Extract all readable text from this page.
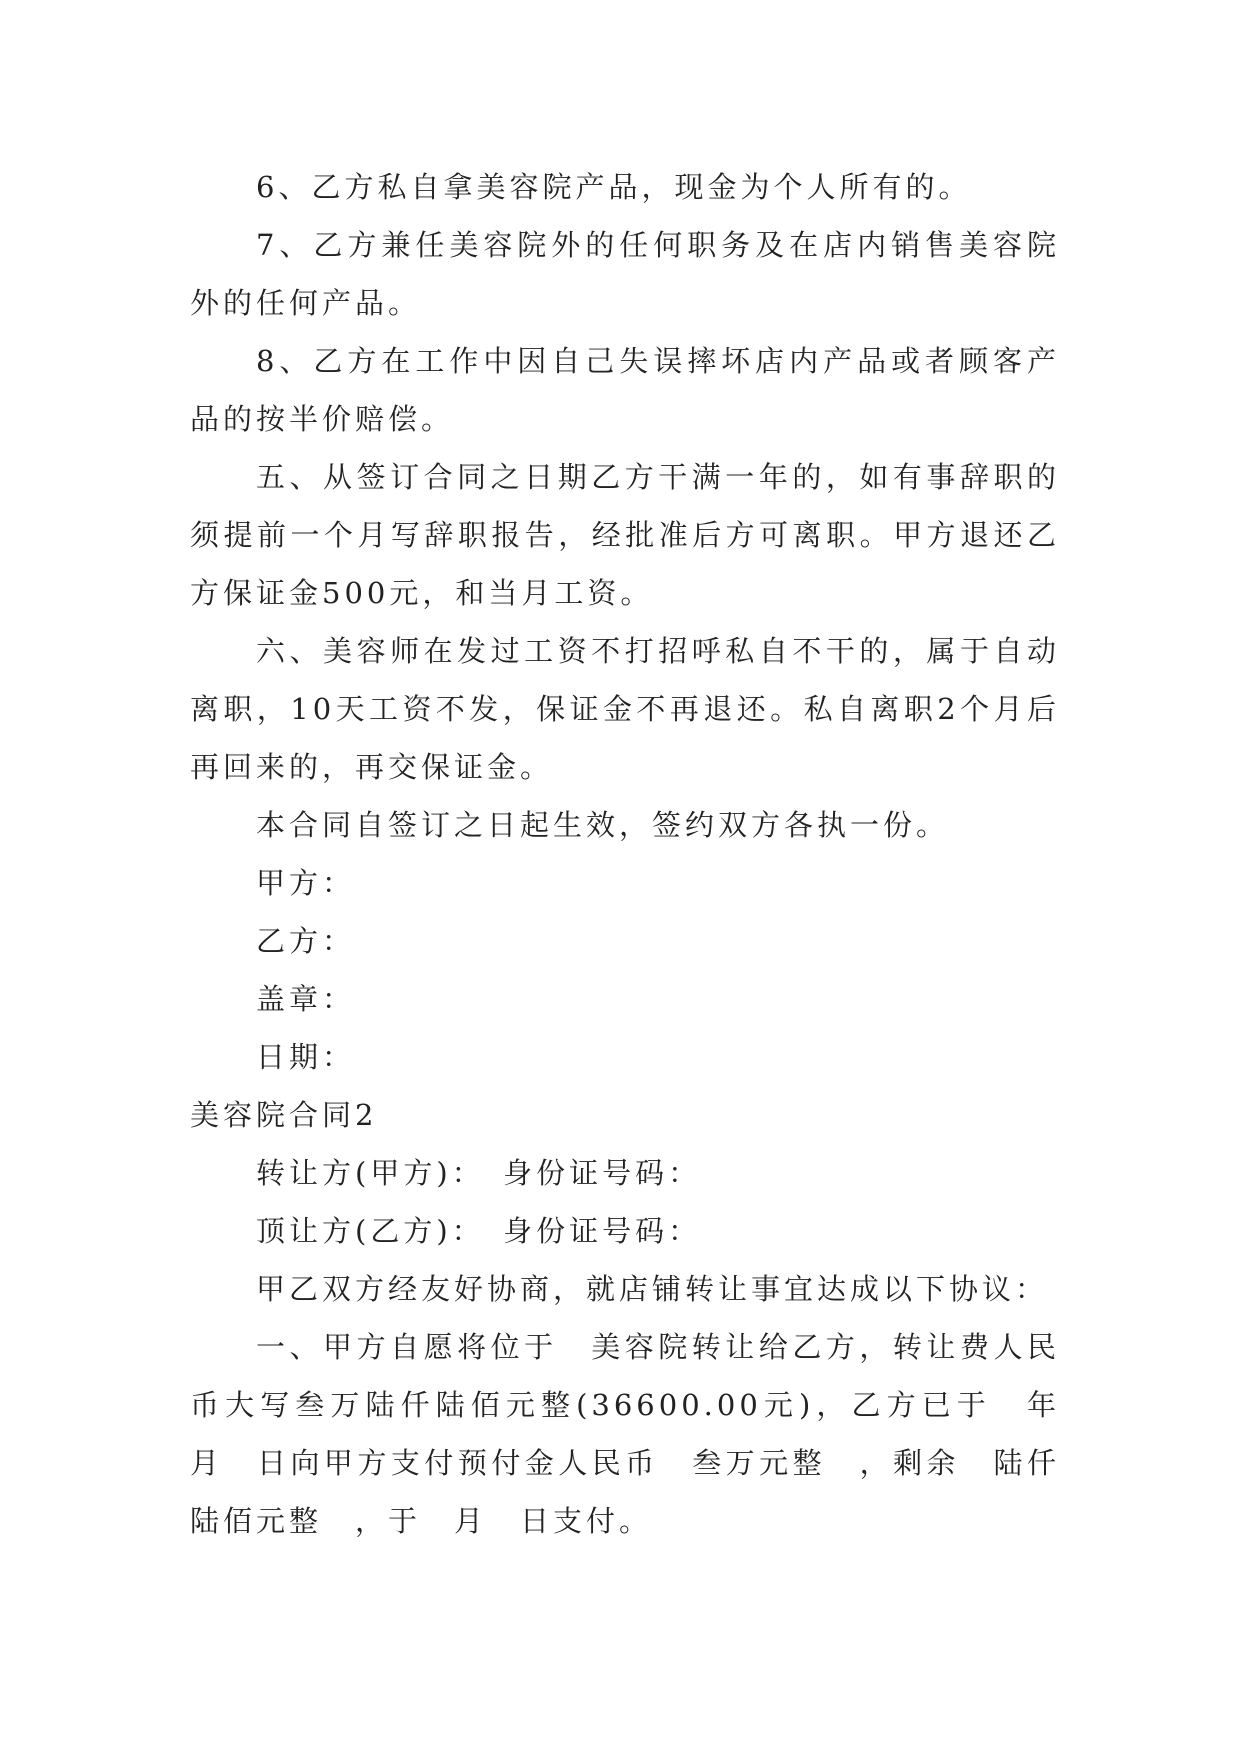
6、乙方私自拿美容院产品，现金为个人所有的。

7、乙方兼任美容院外的任何职务及在店内销售美容院外的任何产品。

8、乙方在工作中因自己失误摔坏店内产品或者顾客产品的按半价赔偿。

五、从签订合同之日期乙方干满一年的，如有事辞职的须提前一个月写辞职报告，经批准后方可离职。甲方退还乙方保证金500元，和当月工资。

六、美容师在发过工资不打招呼私自不干的，属于自动离职，10天工资不发，保证金不再退还。私自离职2个月后再回来的，再交保证金。

本合同自签订之日起生效，签约双方各执一份。

甲方：

乙方：

盖章：

日期：

美容院合同2

转让方(甲方)：　身份证号码：

顶让方(乙方)：　身份证号码：

甲乙双方经友好协商，就店铺转让事宜达成以下协议：

一、甲方自愿将位于　美容院转让给乙方，转让费人民币大写叁万陆仟陆佰元整(36600.00元)，乙方已于　年　月　日向甲方支付预付金人民币　叁万元整　，剩余　陆仟陆佰元整　，于　月　日支付。
